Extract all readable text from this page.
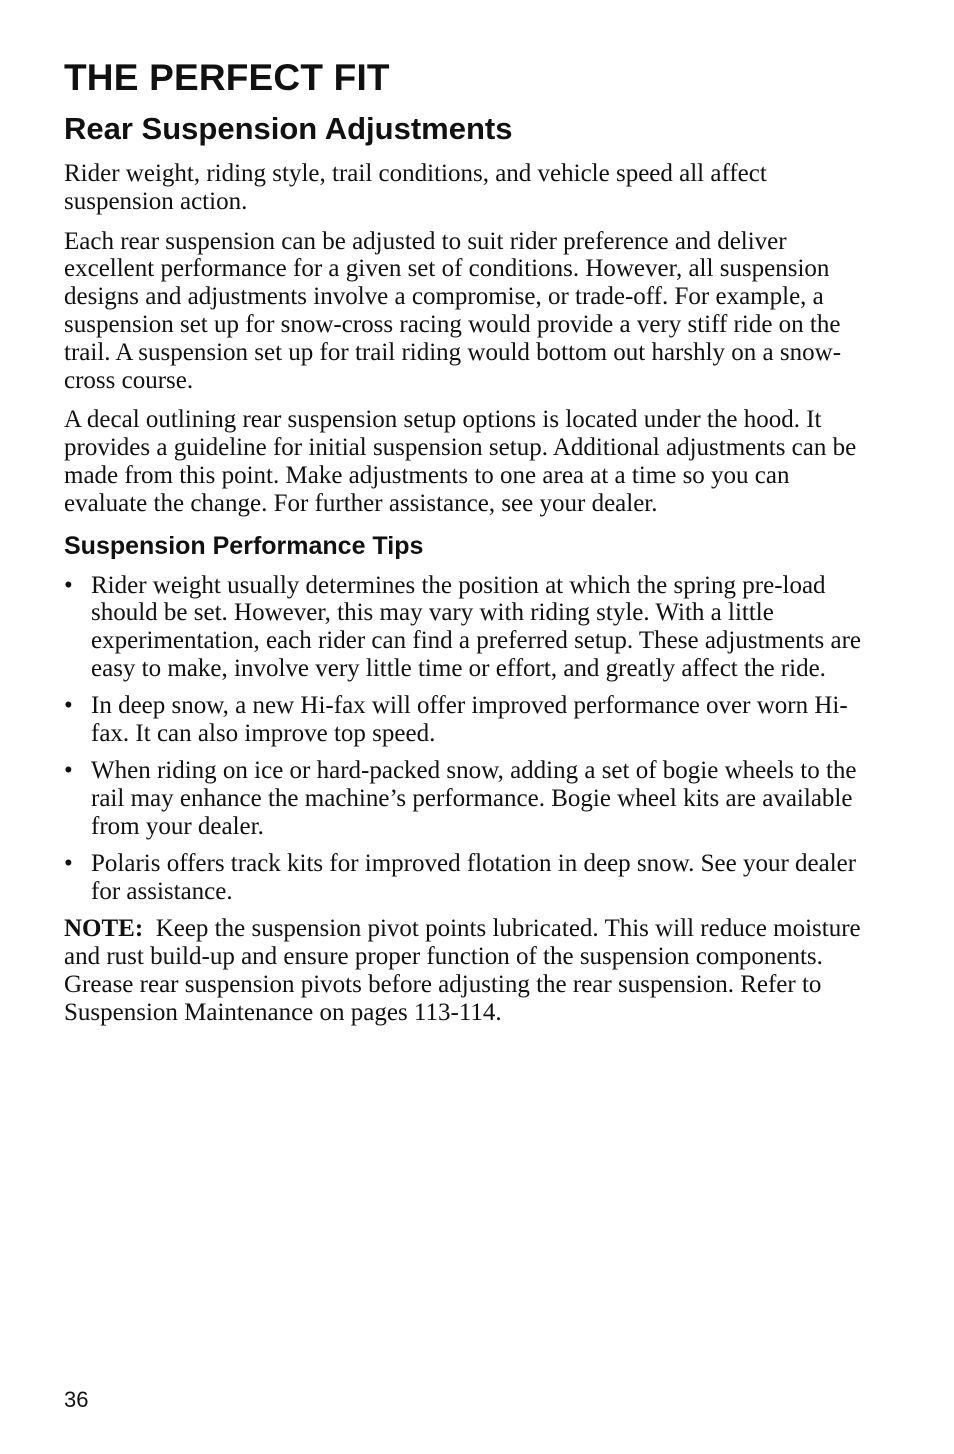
THE PERFECT FIT
Rear Suspension Adjustments

Rider weight, riding style, trail conditions, and vehicle speed all affect suspension action.

Each rear suspension can be adjusted to suit rider preference and deliver excellent performance for a given set of conditions. However, all suspension designs and adjustments involve a compromise, or trade-off. For example, a suspension set up for snow-cross racing would provide a very stiff ride on the trail. A suspension set up for trail riding would bottom out harshly on a snow-cross course.

A decal outlining rear suspension setup options is located under the hood. It provides a guideline for initial suspension setup. Additional adjustments can be made from this point. Make adjustments to one area at a time so you can evaluate the change. For further assistance, see your dealer.

Suspension Performance Tips
• Rider weight usually determines the position at which the spring pre-load should be set. However, this may vary with riding style. With a little experimentation, each rider can find a preferred setup. These adjustments are easy to make, involve very little time or effort, and greatly affect the ride.
• In deep snow, a new Hi-fax will offer improved performance over worn Hi-fax. It can also improve top speed.
• When riding on ice or hard-packed snow, adding a set of bogie wheels to the rail may enhance the machine’s performance. Bogie wheel kits are available from your dealer.
• Polaris offers track kits for improved flotation in deep snow. See your dealer for assistance.

NOTE: Keep the suspension pivot points lubricated. This will reduce moisture and rust build-up and ensure proper function of the suspension components. Grease rear suspension pivots before adjusting the rear suspension. Refer to Suspension Maintenance on pages 113-114.

36
